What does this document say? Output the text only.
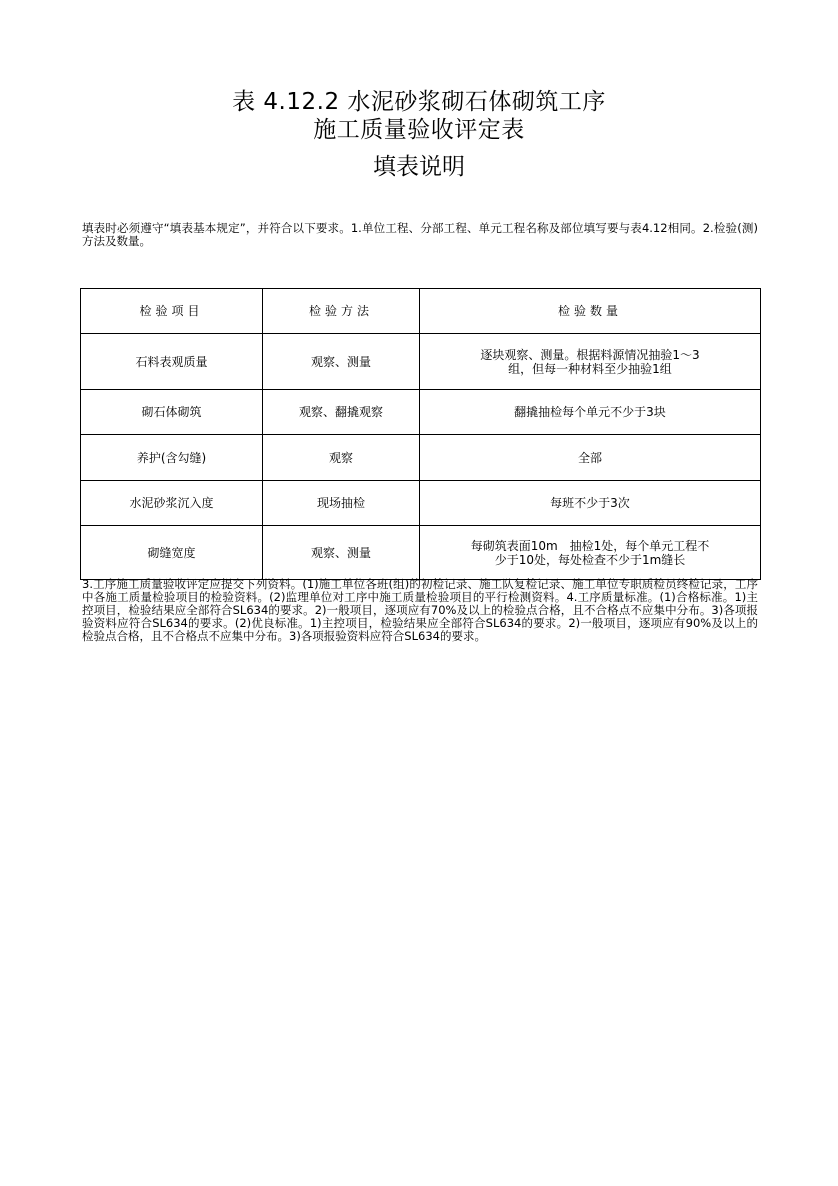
表 4.12.2 水泥砂浆砌石体砌筑工序
施工质量验收评定表
填表说明
填表时必须遵守“填表基本规定”，并符合以下要求。1.单位工程、分部工程、单元工程名称及部位填写要与表4.12相同。2.检验(测)方法及数量。
检验项目	检验方法	检验数量
石料表观质量	观察、测量	逐块观察、测量。根据料源情况抽验1～3组，但每一种材料至少抽验1组
砌石体砌筑	观察、翻撬观察	翻撬抽检每个单元不少于3块
养护(含勾缝)	观察	全部
水泥砂浆沉入度	现场抽检	每班不少于3次
砌缝宽度	观察、测量	每砌筑表面10m　抽检1处，每个单元工程不少于10处，每处检查不少于1m缝长
3.工序施工质量验收评定应提交下列资料。(1)施工单位各班(组)的初检记录、施工队复检记录、施工单位专职质检员终检记录，工序中各施工质量检验项目的检验资料。(2)监理单位对工序中施工质量检验项目的平行检测资料。4.工序质量标准。(1)合格标准。1)主控项目，检验结果应全部符合SL634的要求。2)一般项目，逐项应有70%及以上的检验点合格，且不合格点不应集中分布。3)各项报验资料应符合SL634的要求。(2)优良标准。1)主控项目，检验结果应全部符合SL634的要求。2)一般项目，逐项应有90%及以上的检验点合格，且不合格点不应集中分布。3)各项报验资料应符合SL634的要求。
